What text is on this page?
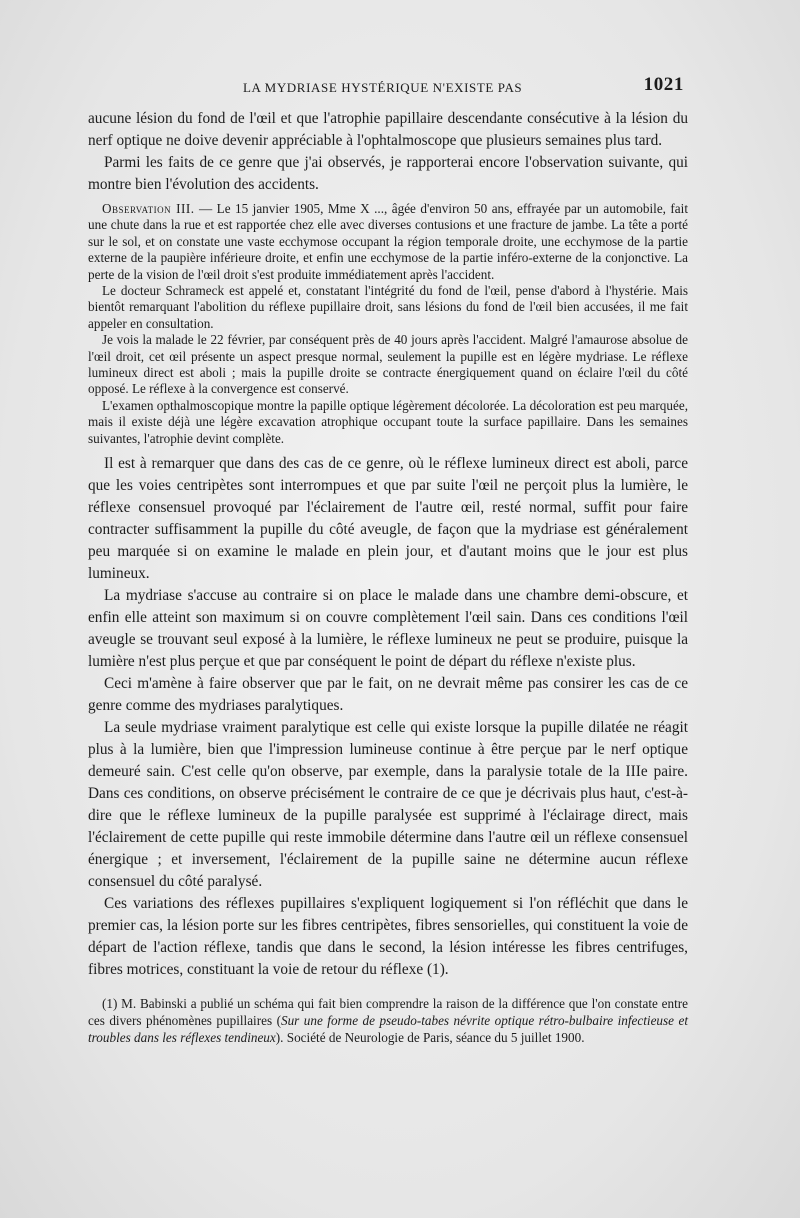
LA MYDRIASE HYSTÉRIQUE N'EXISTE PAS	1021

aucune lésion du fond de l'œil et que l'atrophie papillaire descendante consécutive à la lésion du nerf optique ne doive devenir appréciable à l'ophtalmoscope que plusieurs semaines plus tard.

Parmi les faits de ce genre que j'ai observés, je rapporterai encore l'observation suivante, qui montre bien l'évolution des accidents.

Observation III. — Le 15 janvier 1905, Mme X ..., âgée d'environ 50 ans, effrayée par un automobile, fait une chute dans la rue et est rapportée chez elle avec diverses contusions et une fracture de jambe. La tête a porté sur le sol, et on constate une vaste ecchymose occupant la région temporale droite, une ecchymose de la partie externe de la paupière inférieure droite, et enfin une ecchymose de la partie inféro-externe de la conjonctive. La perte de la vision de l'œil droit s'est produite immédiatement après l'accident.

Le docteur Schrameck est appelé et, constatant l'intégrité du fond de l'œil, pense d'abord à l'hystérie. Mais bientôt remarquant l'abolition du réflexe pupillaire droit, sans lésions du fond de l'œil bien accusées, il me fait appeler en consultation.

Je vois la malade le 22 février, par conséquent près de 40 jours après l'accident. Malgré l'amaurose absolue de l'œil droit, cet œil présente un aspect presque normal, seulement la pupille est en légère mydriase. Le réflexe lumineux direct est aboli ; mais la pupille droite se contracte énergiquement quand on éclaire l'œil du côté opposé. Le réflexe à la convergence est conservé.

L'examen opthalmoscopique montre la papille optique légèrement décolorée. La décoloration est peu marquée, mais il existe déjà une légère excavation atrophique occupant toute la surface papillaire. Dans les semaines suivantes, l'atrophie devint complète.

Il est à remarquer que dans des cas de ce genre, où le réflexe lumineux direct est aboli, parce que les voies centripètes sont interrompues et que par suite l'œil ne perçoit plus la lumière, le réflexe consensuel provoqué par l'éclairement de l'autre œil, resté normal, suffit pour faire contracter suffisamment la pupille du côté aveugle, de façon que la mydriase est généralement peu marquée si on examine le malade en plein jour, et d'autant moins que le jour est plus lumineux.

La mydriase s'accuse au contraire si on place le malade dans une chambre demi-obscure, et enfin elle atteint son maximum si on couvre complètement l'œil sain. Dans ces conditions l'œil aveugle se trouvant seul exposé à la lumière, le réflexe lumineux ne peut se produire, puisque la lumière n'est plus perçue et que par conséquent le point de départ du réflexe n'existe plus.

Ceci m'amène à faire observer que par le fait, on ne devrait même pas consirer les cas de ce genre comme des mydriases paralytiques.

La seule mydriase vraiment paralytique est celle qui existe lorsque la pupille dilatée ne réagit plus à la lumière, bien que l'impression lumineuse continue à être perçue par le nerf optique demeuré sain. C'est celle qu'on observe, par exemple, dans la paralysie totale de la IIIe paire. Dans ces conditions, on observe précisément le contraire de ce que je décrivais plus haut, c'est-à-dire que le réflexe lumineux de la pupille paralysée est supprimé à l'éclairage direct, mais l'éclairement de cette pupille qui reste immobile détermine dans l'autre œil un réflexe consensuel énergique ; et inversement, l'éclairement de la pupille saine ne détermine aucun réflexe consensuel du côté paralysé.

Ces variations des réflexes pupillaires s'expliquent logiquement si l'on réfléchit que dans le premier cas, la lésion porte sur les fibres centripètes, fibres sensorielles, qui constituent la voie de départ de l'action réflexe, tandis que dans le second, la lésion intéresse les fibres centrifuges, fibres motrices, constituant la voie de retour du réflexe (1).

(1) M. Babinski a publié un schéma qui fait bien comprendre la raison de la différence que l'on constate entre ces divers phénomènes pupillaires (Sur une forme de pseudo-tabes névrite optique rétro-bulbaire infectieuse et troubles dans les réflexes tendineux). Société de Neurologie de Paris, séance du 5 juillet 1900.
